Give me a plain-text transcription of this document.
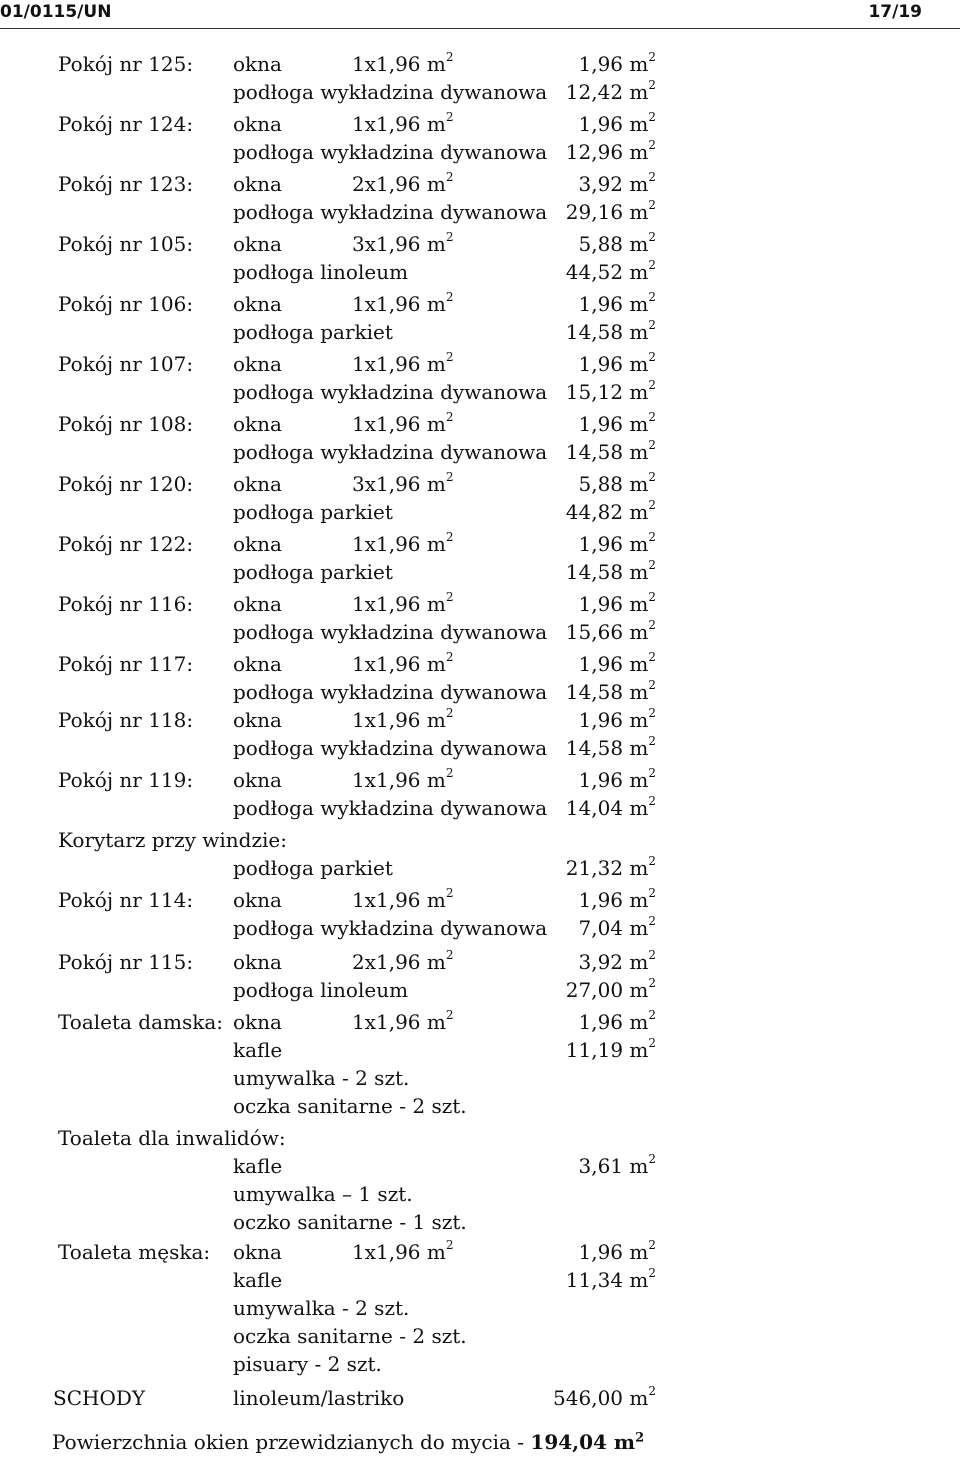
01/0115/UN	17/19
Pokój nr 125: okna	1x1,96 $m^2$	1,96 $m^2$
podłoga wykładzina dywanowa 12,42 $m^2$
Pokój nr 124: okna	1x1,96 $m^2$	1,96 $m^2$
podłoga wykładzina dywanowa 12,96 $m^2$
Pokój nr 123: okna	2x1,96 $m^2$	3,92 $m^2$
podłoga wykładzina dywanowa 29,16 $m^2$
Pokój nr 105: okna	3x1,96 $m^2$	5,88 $m^2$
podłoga linoleum	44,52 $m^2$
Pokój nr 106: okna	1x1,96 $m^2$	1,96 $m^2$
podłoga parkiet	14,58 $m^2$
Pokój nr 107: okna	1x1,96 $m^2$	1,96 $m^2$
podłoga wykładzina dywanowa 15,12 $m^2$
Pokój nr 108: okna	1x1,96 $m^2$	1,96 $m^2$
podłoga wykładzina dywanowa 14,58 $m^2$
Pokój nr 120: okna	3x1,96 $m^2$	5,88 $m^2$
podłoga parkiet	44,82 $m^2$
Pokój nr 122: okna	1x1,96 $m^2$	1,96 $m^2$
podłoga parkiet	14,58 $m^2$
Pokój nr 116: okna	1x1,96 $m^2$	1,96 $m^2$
podłoga wykładzina dywanowa 15,66 $m^2$
Pokój nr 117: okna	1x1,96 $m^2$	1,96 $m^2$
podłoga wykładzina dywanowa 14,58 $m^2$
Pokój nr 118: okna	1x1,96 $m^2$	1,96 $m^2$
podłoga wykładzina dywanowa 14,58 $m^2$
Pokój nr 119: okna	1x1,96 $m^2$	1,96 $m^2$
podłoga wykładzina dywanowa 14,04 $m^2$
Korytarz przy windzie:
podłoga parkiet	21,32 $m^2$
Pokój nr 114: okna	1x1,96 $m^2$	1,96 $m^2$
podłoga wykładzina dywanowa 7,04 $m^2$
Pokój nr 115: okna	2x1,96 $m^2$	3,92 $m^2$
podłoga linoleum	27,00 $m^2$
Toaleta damska: okna	1x1,96 $m^2$	1,96 $m^2$
kafle	11,19 $m^2$
umywalka - 2 szt.
oczka sanitarne - 2 szt.
Toaleta dla inwalidów:
kafle	3,61 $m^2$
umywalka – 1 szt.
oczko sanitarne - 1 szt.
Toaleta męska: okna	1x1,96 $m^2$	1,96 $m^2$
kafle	11,34 $m^2$
umywalka - 2 szt.
oczka sanitarne - 2 szt.
pisuary - 2 szt.
SCHODY	linoleum/lastriko	546,00 $m^2$
Powierzchnia okien przewidzianych do mycia - 194,04 $m^2$
